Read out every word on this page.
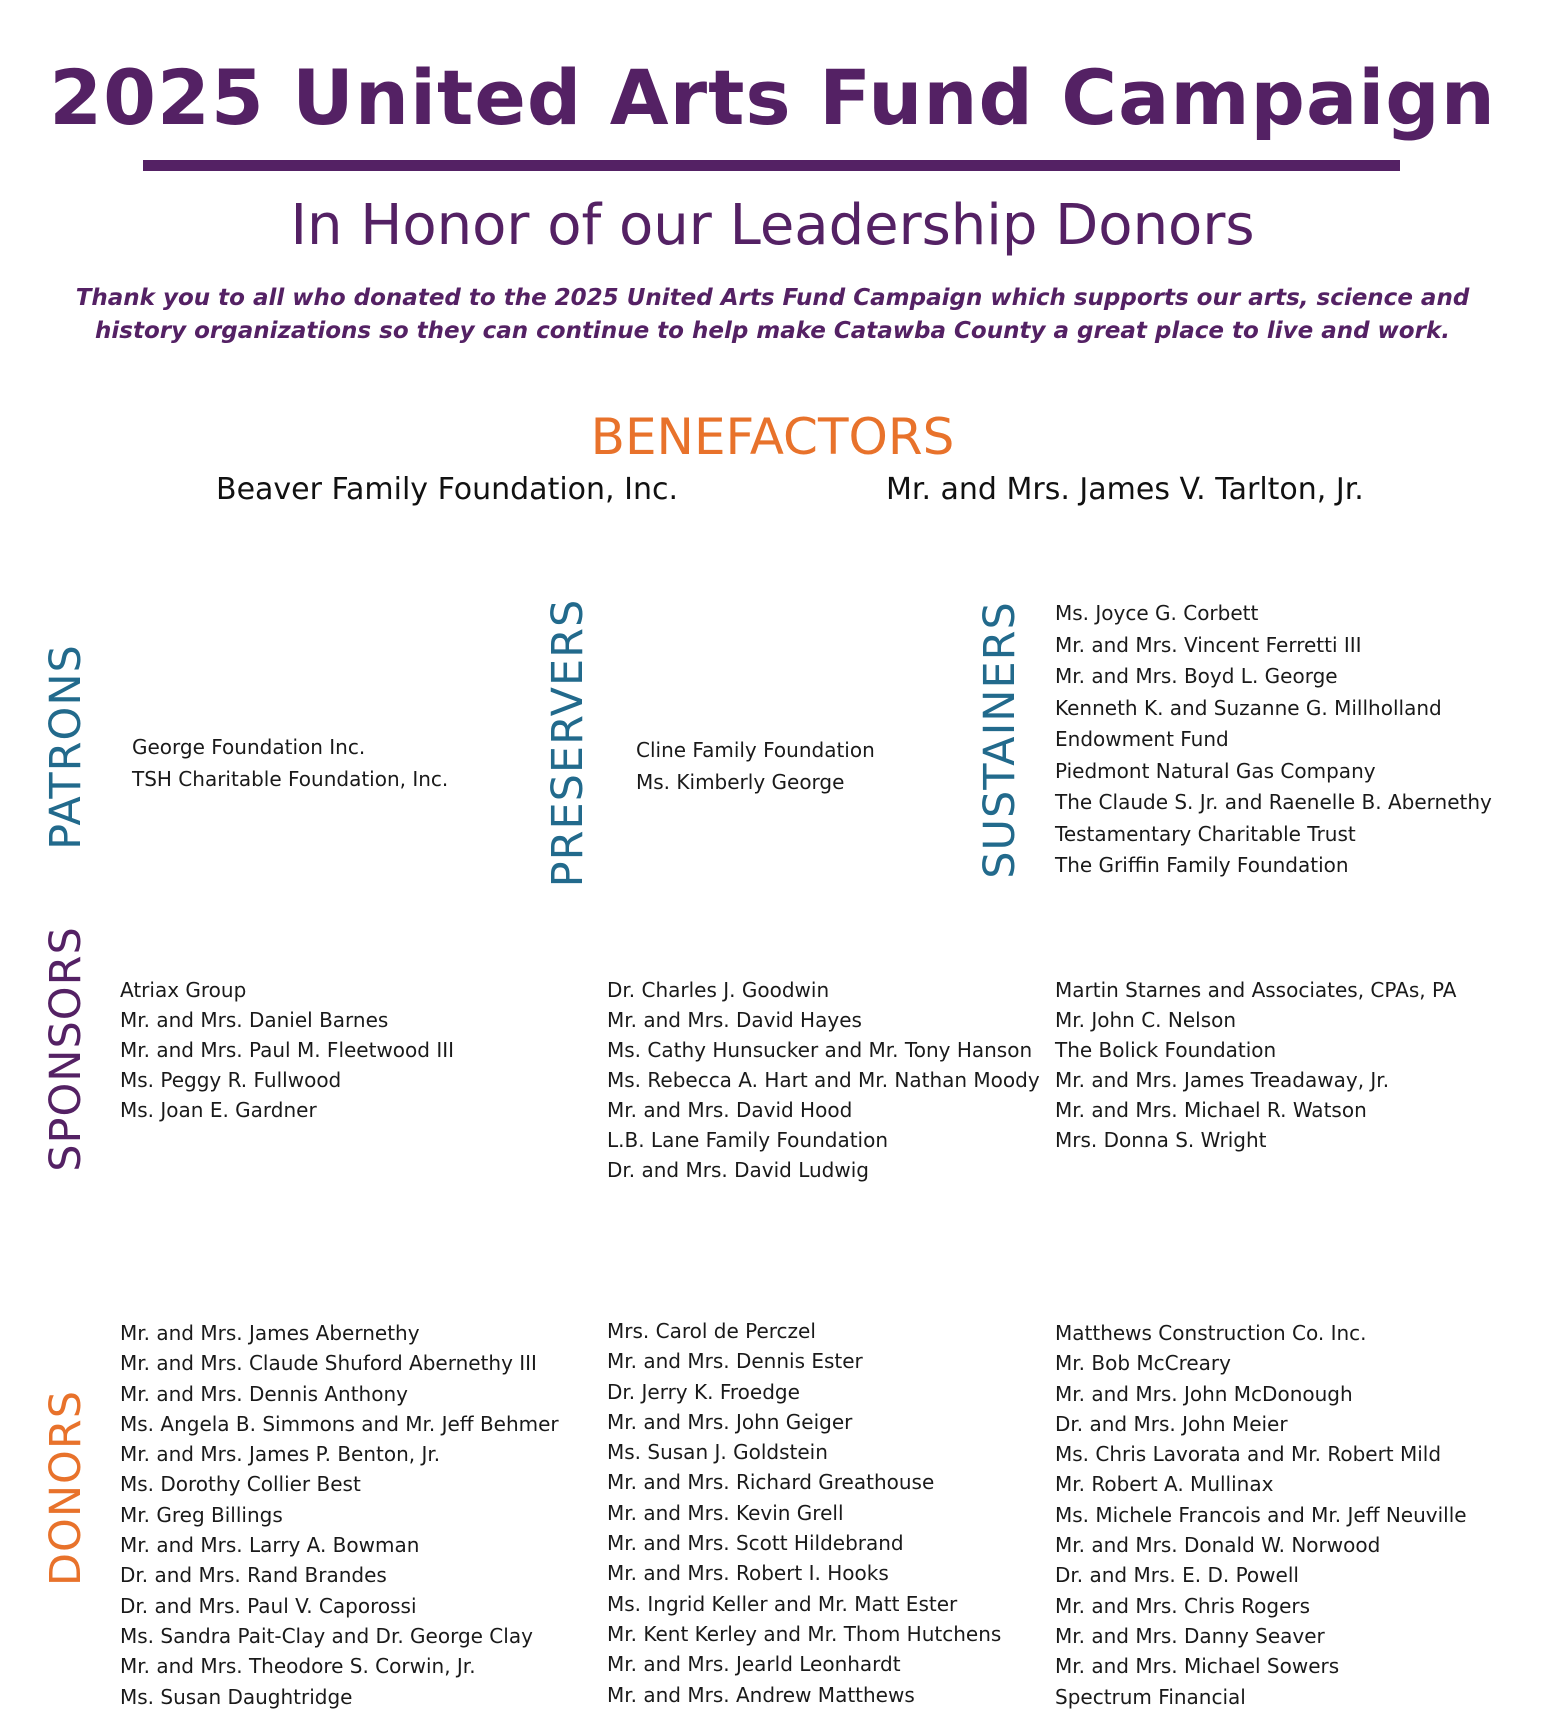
2025 United Arts Fund Campaign
In Honor of our Leadership Donors
Thank you to all who donated to the 2025 United Arts Fund Campaign which supports our arts, science and history organizations so they can continue to help make Catawba County a great place to live and work.
BENEFACTORS
Beaver Family Foundation, Inc.	Mr. and Mrs. James V. Tarlton, Jr.
PATRONS George Foundation Inc.
TSH Charitable Foundation, Inc. PRESERVERS Cline Family Foundation
Ms. Kimberly George	SUSTAINERS Ms. Joyce G. Corbett
Mr. and Mrs. Vincent Ferretti III
Mr. and Mrs. Boyd L. George
Kenneth K. and Suzanne G. Millholland
Endowment Fund
Piedmont Natural Gas Company
The Claude S. Jr. and Raenelle B. Abernethy
Testamentary Charitable Trust
The Griffin Family Foundation
SPONSORS Atriax Group
Mr. and Mrs. Daniel Barnes
Mr. and Mrs. Paul M. Fleetwood III
Ms. Peggy R. Fullwood
Ms. Joan E. Gardner
Dr. Charles J. Goodwin
Mr. and Mrs. David Hayes
Ms. Cathy Hunsucker and Mr. Tony Hanson
Ms. Rebecca A. Hart and Mr. Nathan Moody
Mr. and Mrs. David Hood
L.B. Lane Family Foundation
Dr. and Mrs. David Ludwig
Martin Starnes and Associates, CPAs, PA
Mr. John C. Nelson
The Bolick Foundation
Mr. and Mrs. James Treadaway, Jr.
Mr. and Mrs. Michael R. Watson
Mrs. Donna S. Wright
DONORS
Mr. and Mrs. James Abernethy
Mr. and Mrs. Claude Shuford Abernethy III
Mr. and Mrs. Dennis Anthony
Ms. Angela B. Simmons and Mr. Jeff Behmer
Mr. and Mrs. James P. Benton, Jr.
Ms. Dorothy Collier Best
Mr. Greg Billings
Mr. and Mrs. Larry A. Bowman
Dr. and Mrs. Rand Brandes
Dr. and Mrs. Paul V. Caporossi
Ms. Sandra Pait-Clay and Dr. George Clay
Mr. and Mrs. Theodore S. Corwin, Jr.
Ms. Susan Daughtridge
Mrs. Carol de Perczel
Mr. and Mrs. Dennis Ester
Dr. Jerry K. Froedge
Mr. and Mrs. John Geiger
Ms. Susan J. Goldstein
Mr. and Mrs. Richard Greathouse
Mr. and Mrs. Kevin Grell
Mr. and Mrs. Scott Hildebrand
Mr. and Mrs. Robert I. Hooks
Ms. Ingrid Keller and Mr. Matt Ester
Mr. Kent Kerley and Mr. Thom Hutchens
Mr. and Mrs. Jearld Leonhardt
Mr. and Mrs. Andrew Matthews
Matthews Construction Co. Inc.
Mr. Bob McCreary
Mr. and Mrs. John McDonough
Dr. and Mrs. John Meier
Ms. Chris Lavorata and Mr. Robert Mild
Mr. Robert A. Mullinax
Ms. Michele Francois and Mr. Jeff Neuville
Mr. and Mrs. Donald W. Norwood
Dr. and Mrs. E. D. Powell
Mr. and Mrs. Chris Rogers
Mr. and Mrs. Danny Seaver
Mr. and Mrs. Michael Sowers
Spectrum Financial
